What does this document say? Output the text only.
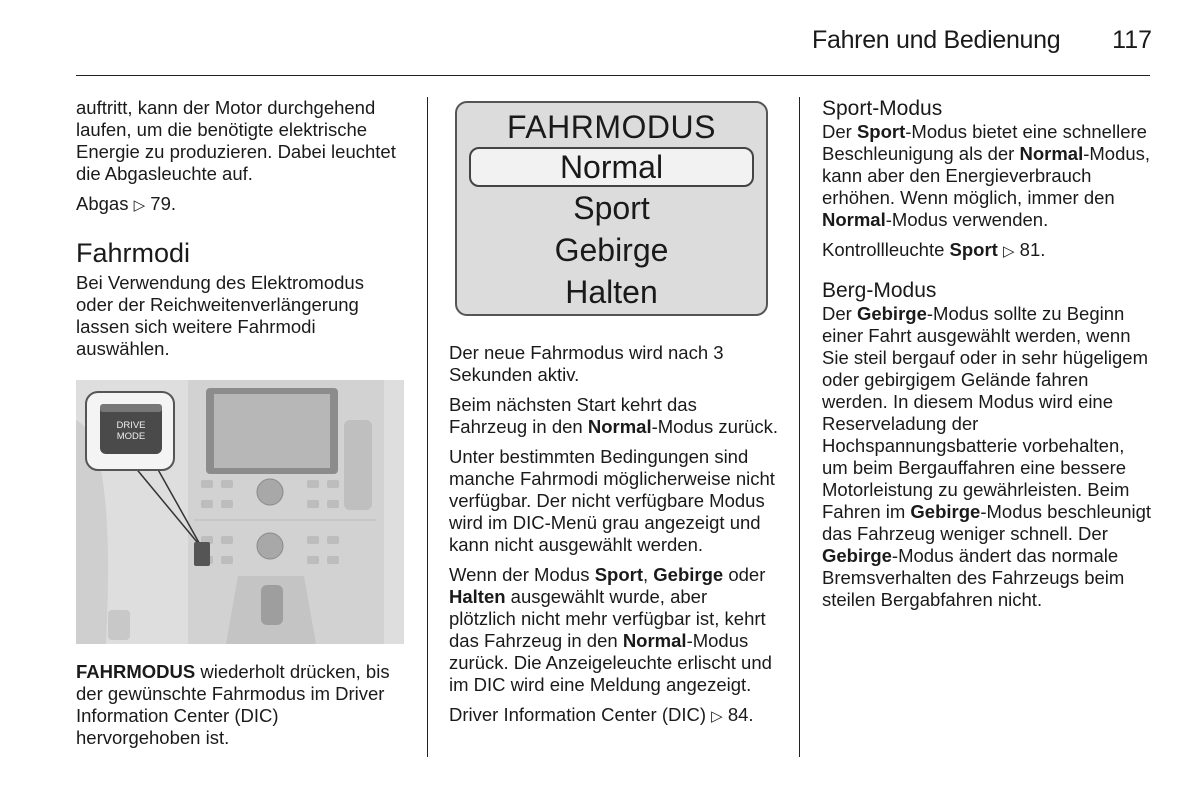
Fahren und Bedienung 117

auftritt, kann der Motor durchgehend laufen, um die benötigte elektrische Energie zu produzieren. Dabei leuchtet die Abgasleuchte auf.

Abgas ▷ 79.

Fahrmodi

Bei Verwendung des Elektromodus oder der Reichweitenverlängerung lassen sich weitere Fahrmodi auswählen.

DRIVE
MODE

FAHRMODUS wiederholt drücken, bis der gewünschte Fahrmodus im Driver Information Center (DIC) hervorgehoben ist.

FAHRMODUS
Normal
Sport
Gebirge
Halten

Der neue Fahrmodus wird nach 3 Sekunden aktiv.

Beim nächsten Start kehrt das Fahrzeug in den Normal-Modus zurück.

Unter bestimmten Bedingungen sind manche Fahrmodi möglicherweise nicht verfügbar. Der nicht verfügbare Modus wird im DIC-Menü grau angezeigt und kann nicht ausgewählt werden.

Wenn der Modus Sport, Gebirge oder Halten ausgewählt wurde, aber plötzlich nicht mehr verfügbar ist, kehrt das Fahrzeug in den Normal-Modus zurück. Die Anzeigeleuchte erlischt und im DIC wird eine Meldung angezeigt.

Driver Information Center (DIC) ▷ 84.

Sport-Modus

Der Sport-Modus bietet eine schnellere Beschleunigung als der Normal-Modus, kann aber den Energieverbrauch erhöhen. Wenn möglich, immer den Normal-Modus verwenden.

Kontrollleuchte Sport ▷ 81.

Berg-Modus

Der Gebirge-Modus sollte zu Beginn einer Fahrt ausgewählt werden, wenn Sie steil bergauf oder in sehr hügeligem oder gebirgigem Gelände fahren werden. In diesem Modus wird eine Reserveladung der Hochspannungsbatterie vorbehalten, um beim Bergauffahren eine bessere Motorleistung zu gewährleisten. Beim Fahren im Gebirge-Modus beschleunigt das Fahrzeug weniger schnell. Der Gebirge-Modus ändert das normale Bremsverhalten des Fahrzeugs beim steilen Bergabfahren nicht.
